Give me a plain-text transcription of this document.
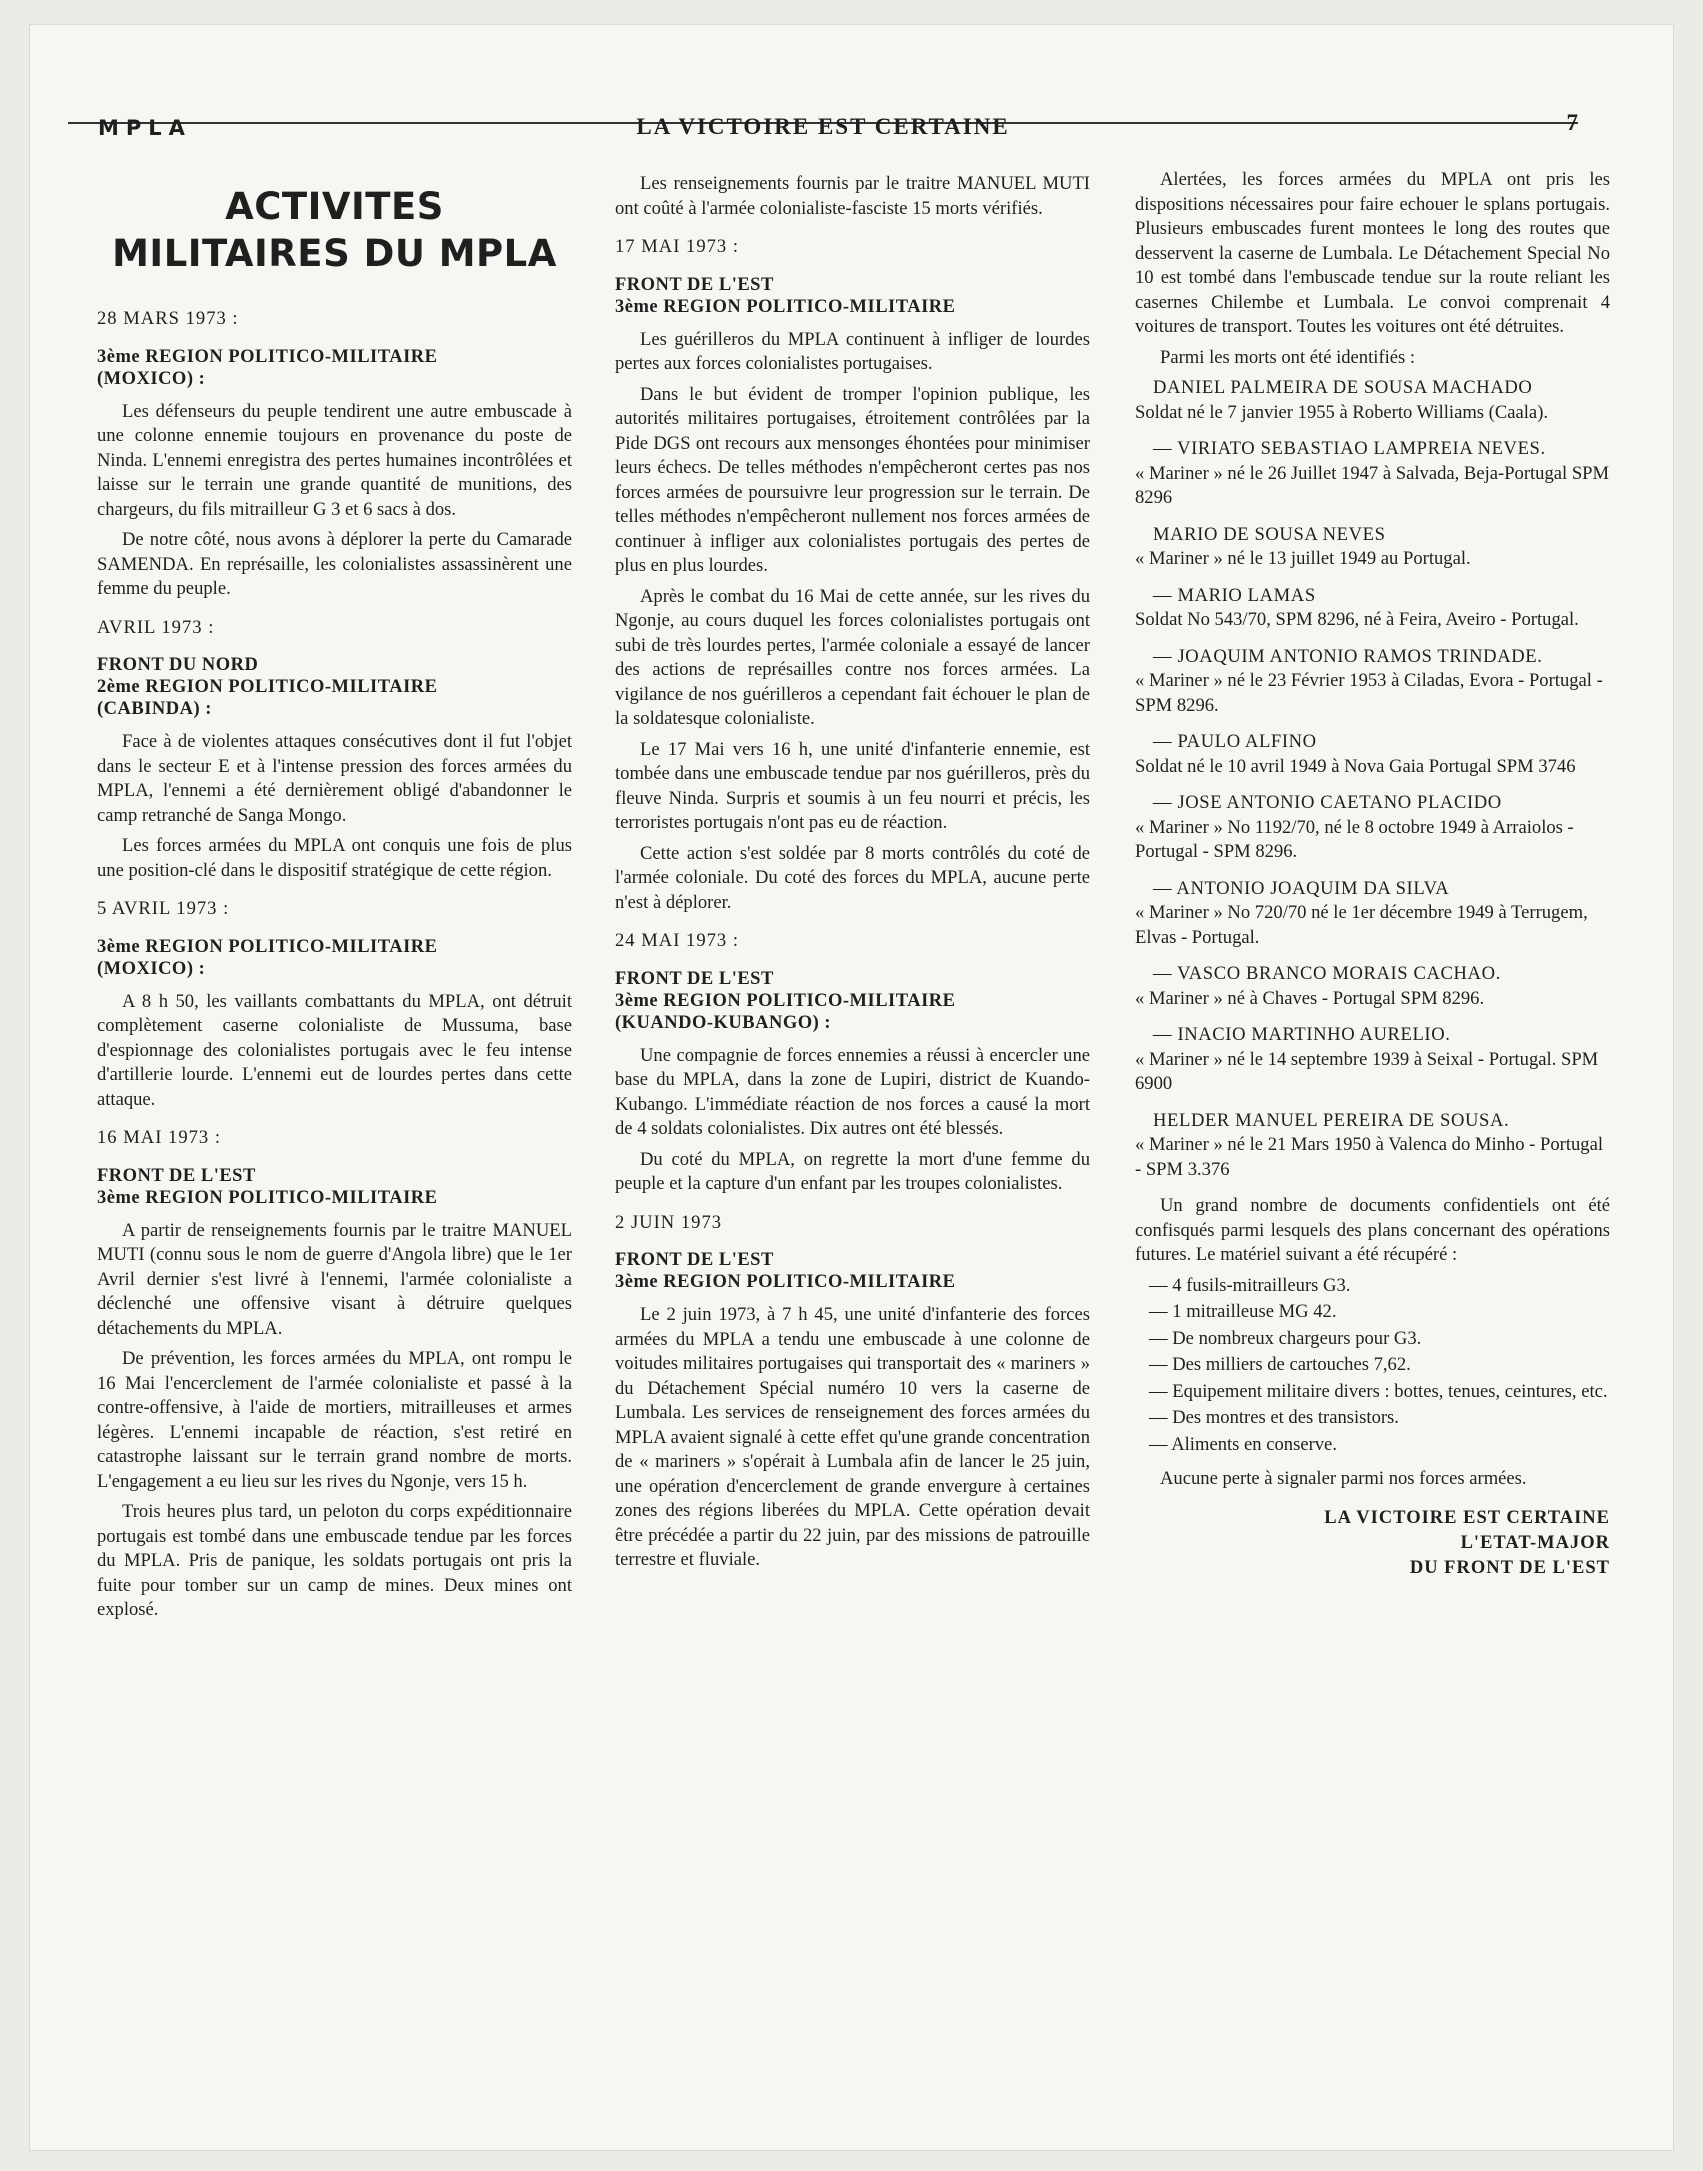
MPLA	LA VICTOIRE EST CERTAINE	7
ACTIVITES
MILITAIRES DU MPLA
28 MARS 1973 :
3ème REGION POLITICO-MILITAIRE
(MOXICO) :

Les défenseurs du peuple tendirent une autre embuscade à une colonne ennemie toujours en provenance du poste de Ninda. L'ennemi enregistra des pertes humaines incontrôlées et laisse sur le terrain une grande quantité de munitions, des chargeurs, du fils mitrailleur G 3 et 6 sacs à dos.

De notre côté, nous avons à déplorer la perte du Camarade SAMENDA. En représaille, les colonialistes assassinèrent une femme du peuple.

AVRIL 1973 :
FRONT DU NORD
2ème REGION POLITICO-MILITAIRE
(CABINDA) :

Face à de violentes attaques consécutives dont il fut l'objet dans le secteur E et à l'intense pression des forces armées du MPLA, l'ennemi a été dernièrement obligé d'abandonner le camp retranché de Sanga Mongo.

Les forces armées du MPLA ont conquis une fois de plus une position-clé dans le dispositif stratégique de cette région.

5 AVRIL 1973 :
3ème REGION POLITICO-MILITAIRE
(MOXICO) :

A 8 h 50, les vaillants combattants du MPLA, ont détruit complètement caserne colonialiste de Mussuma, base d'espionnage des colonialistes portugais avec le feu intense d'artillerie lourde. L'ennemi eut de lourdes pertes dans cette attaque.

16 MAI 1973 :
FRONT DE L'EST
3ème REGION POLITICO-MILITAIRE

A partir de renseignements fournis par le traitre MANUEL MUTI (connu sous le nom de guerre d'Angola libre) que le 1er Avril dernier s'est livré à l'ennemi, l'armée colonialiste a déclenché une offensive visant à détruire quelques détachements du MPLA.

De prévention, les forces armées du MPLA, ont rompu le 16 Mai l'encerclement de l'armée colonialiste et passé à la contre-offensive, à l'aide de mortiers, mitrailleuses et armes légères. L'ennemi incapable de réaction, s'est retiré en catastrophe laissant sur le terrain grand nombre de morts. L'engagement a eu lieu sur les rives du Ngonje, vers 15 h.

Trois heures plus tard, un peloton du corps expéditionnaire portugais est tombé dans une embuscade tendue par les forces du MPLA. Pris de panique, les soldats portugais ont pris la fuite pour tomber sur un camp de mines. Deux mines ont explosé.

Les renseignements fournis par le traitre MANUEL MUTI ont coûté à l'armée colonialiste-fasciste 15 morts vérifiés.

17 MAI 1973 :
FRONT DE L'EST
3ème REGION POLITICO-MILITAIRE

Les guérilleros du MPLA continuent à infliger de lourdes pertes aux forces colonialistes portugaises.

Dans le but évident de tromper l'opinion publique, les autorités militaires portugaises, étroitement contrôlées par la Pide DGS ont recours aux mensonges éhontées pour minimiser leurs échecs. De telles méthodes n'empêcheront certes pas nos forces armées de poursuivre leur progression sur le terrain. De telles méthodes n'empêcheront nullement nos forces armées de continuer à infliger aux colonialistes portugais des pertes de plus en plus lourdes.

Après le combat du 16 Mai de cette année, sur les rives du Ngonje, au cours duquel les forces colonialistes portugais ont subi de très lourdes pertes, l'armée coloniale a essayé de lancer des actions de représailles contre nos forces armées. La vigilance de nos guérilleros a cependant fait échouer le plan de la soldatesque colonialiste.

Le 17 Mai vers 16 h, une unité d'infanterie ennemie, est tombée dans une embuscade tendue par nos guérilleros, près du fleuve Ninda. Surpris et soumis à un feu nourri et précis, les terroristes portugais n'ont pas eu de réaction.

Cette action s'est soldée par 8 morts contrôlés du coté de l'armée coloniale. Du coté des forces du MPLA, aucune perte n'est à déplorer.

24 MAI 1973 :
FRONT DE L'EST
3ème REGION POLITICO-MILITAIRE
(KUANDO-KUBANGO) :

Une compagnie de forces ennemies a réussi à encercler une base du MPLA, dans la zone de Lupiri, district de Kuando-Kubango. L'immédiate réaction de nos forces a causé la mort de 4 soldats colonialistes. Dix autres ont été blessés.

Du coté du MPLA, on regrette la mort d'une femme du peuple et la capture d'un enfant par les troupes colonialistes.

2 JUIN 1973
FRONT DE L'EST
3ème REGION POLITICO-MILITAIRE

Le 2 juin 1973, à 7 h 45, une unité d'infanterie des forces armées du MPLA a tendu une embuscade à une colonne de voitudes militaires portugaises qui transportait des « mariners » du Détachement Spécial numéro 10 vers la caserne de Lumbala. Les services de renseignement des forces armées du MPLA avaient signalé à cette effet qu'une grande concentration de « mariners » s'opérait à Lumbala afin de lancer le 25 juin, une opération d'encerclement de grande envergure à certaines zones des régions liberées du MPLA. Cette opération devait être précédée a partir du 22 juin, par des missions de patrouille terrestre et fluviale.

Alertées, les forces armées du MPLA ont pris les dispositions nécessaires pour faire echouer le splans portugais. Plusieurs embuscades furent montees le long des routes que desservent la caserne de Lumbala. Le Détachement Special No 10 est tombé dans l'embuscade tendue sur la route reliant les casernes Chilembe et Lumbala. Le convoi comprenait 4 voitures de transport. Toutes les voitures ont été détruites.

Parmi les morts ont été identifiés :

DANIEL PALMEIRA DE SOUSA MACHADO
Soldat né le 7 janvier 1955 à Roberto Williams (Caala).
— VIRIATO SEBASTIAO LAMPREIA NEVES.
« Mariner » né le 26 Juillet 1947 à Salvada, Beja-Portugal SPM 8296
MARIO DE SOUSA NEVES
« Mariner » né le 13 juillet 1949 au Portugal.
— MARIO LAMAS
Soldat No 543/70, SPM 8296, né à Feira, Aveiro - Portugal.
— JOAQUIM ANTONIO RAMOS TRINDADE.
« Mariner » né le 23 Février 1953 à Ciladas, Evora - Portugal - SPM 8296.
— PAULO ALFINO
Soldat né le 10 avril 1949 à Nova Gaia Portugal SPM 3746
— JOSE ANTONIO CAETANO PLACIDO
« Mariner » No 1192/70, né le 8 octobre 1949 à Arraiolos - Portugal - SPM 8296.
— ANTONIO JOAQUIM DA SILVA
« Mariner » No 720/70 né le 1er décembre 1949 à Terrugem, Elvas - Portugal.
— VASCO BRANCO MORAIS CACHAO.
« Mariner » né à Chaves - Portugal SPM 8296.
— INACIO MARTINHO AURELIO.
« Mariner » né le 14 septembre 1939 à Seixal - Portugal. SPM 6900
HELDER MANUEL PEREIRA DE SOUSA.
« Mariner » né le 21 Mars 1950 à Valenca do Minho - Portugal - SPM 3.376

Un grand nombre de documents confidentiels ont été confisqués parmi lesquels des plans concernant des opérations futures. Le matériel suivant a été récupéré :

— 4 fusils-mitrailleurs G3.
— 1 mitrailleuse MG 42.
— De nombreux chargeurs pour G3.
— Des milliers de cartouches 7,62.
— Equipement militaire divers : bottes, tenues, ceintures, etc.
— Des montres et des transistors.
— Aliments en conserve.

Aucune perte à signaler parmi nos forces armées.

LA VICTOIRE EST CERTAINE
L'ETAT-MAJOR
DU FRONT DE L'EST
